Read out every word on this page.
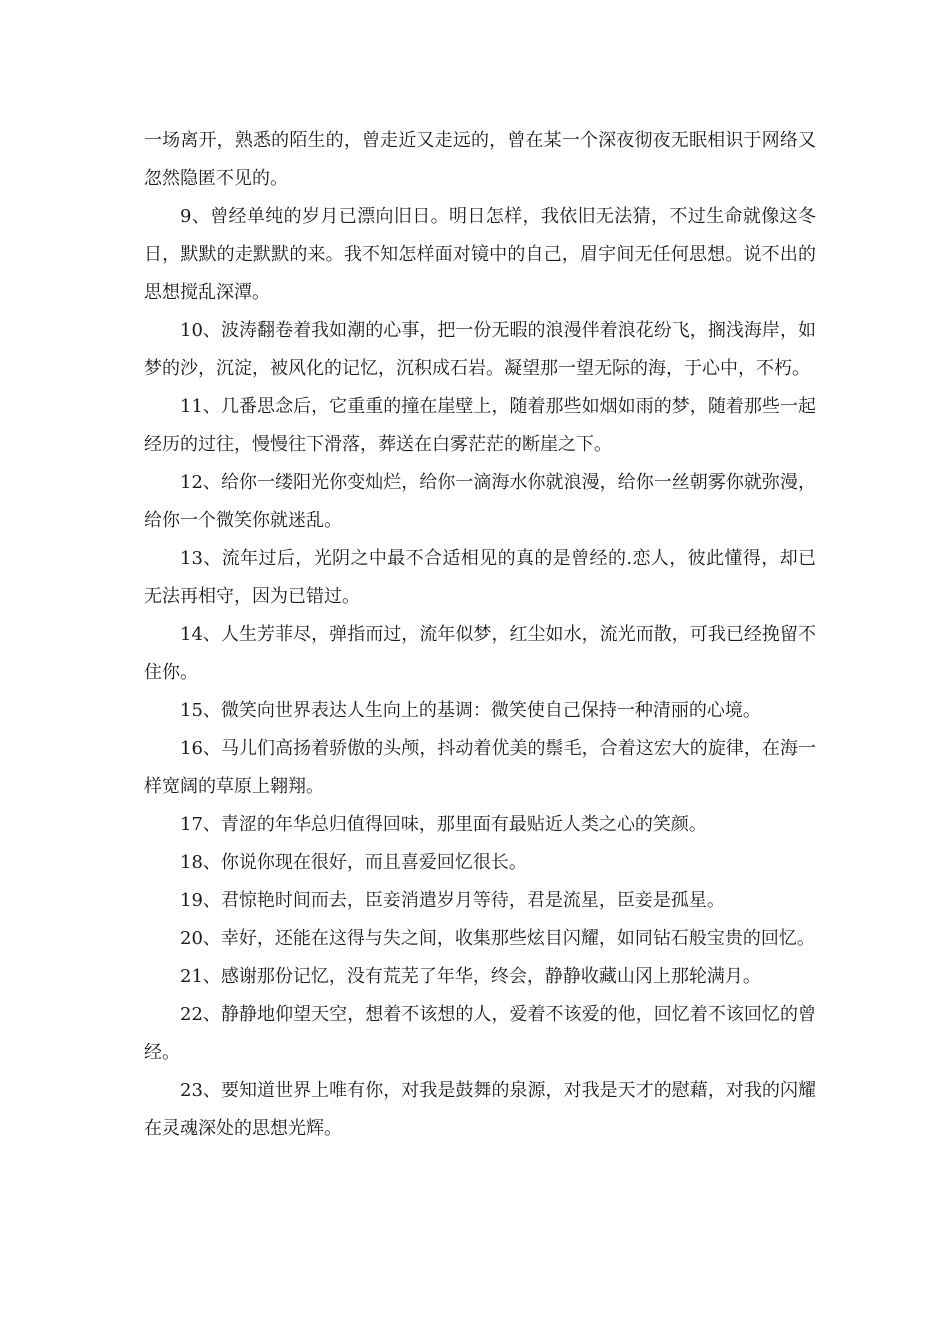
一场离开，熟悉的陌生的，曾走近又走远的，曾在某一个深夜彻夜无眠相识于网络又忽然隐匿不见的。

9、曾经单纯的岁月已漂向旧日。明日怎样，我依旧无法猜，不过生命就像这冬日，默默的走默默的来。我不知怎样面对镜中的自己，眉宇间无任何思想。说不出的思想搅乱深潭。

10、波涛翻卷着我如潮的心事，把一份无暇的浪漫伴着浪花纷飞，搁浅海岸，如梦的沙，沉淀，被风化的记忆，沉积成石岩。凝望那一望无际的海，于心中，不朽。

11、几番思念后，它重重的撞在崖壁上，随着那些如烟如雨的梦，随着那些一起经历的过往，慢慢往下滑落，葬送在白雾茫茫的断崖之下。

12、给你一缕阳光你变灿烂，给你一滴海水你就浪漫，给你一丝朝雾你就弥漫，给你一个微笑你就迷乱。

13、流年过后，光阴之中最不合适相见的真的是曾经的.恋人，彼此懂得，却已无法再相守，因为已错过。

14、人生芳菲尽，弹指而过，流年似梦，红尘如水，流光而散，可我已经挽留不住你。

15、微笑向世界表达人生向上的基调：微笑使自己保持一种清丽的心境。

16、马儿们高扬着骄傲的头颅，抖动着优美的鬃毛，合着这宏大的旋律，在海一样宽阔的草原上翱翔。

17、青涩的年华总归值得回味，那里面有最贴近人类之心的笑颜。

18、你说你现在很好，而且喜爱回忆很长。

19、君惊艳时间而去，臣妾消遣岁月等待，君是流星，臣妾是孤星。

20、幸好，还能在这得与失之间，收集那些炫目闪耀，如同钻石般宝贵的回忆。

21、感谢那份记忆，没有荒芜了年华，终会，静静收藏山冈上那轮满月。

22、静静地仰望天空，想着不该想的人，爱着不该爱的他，回忆着不该回忆的曾经。

23、要知道世界上唯有你，对我是鼓舞的泉源，对我是天才的慰藉，对我的闪耀在灵魂深处的思想光辉。
